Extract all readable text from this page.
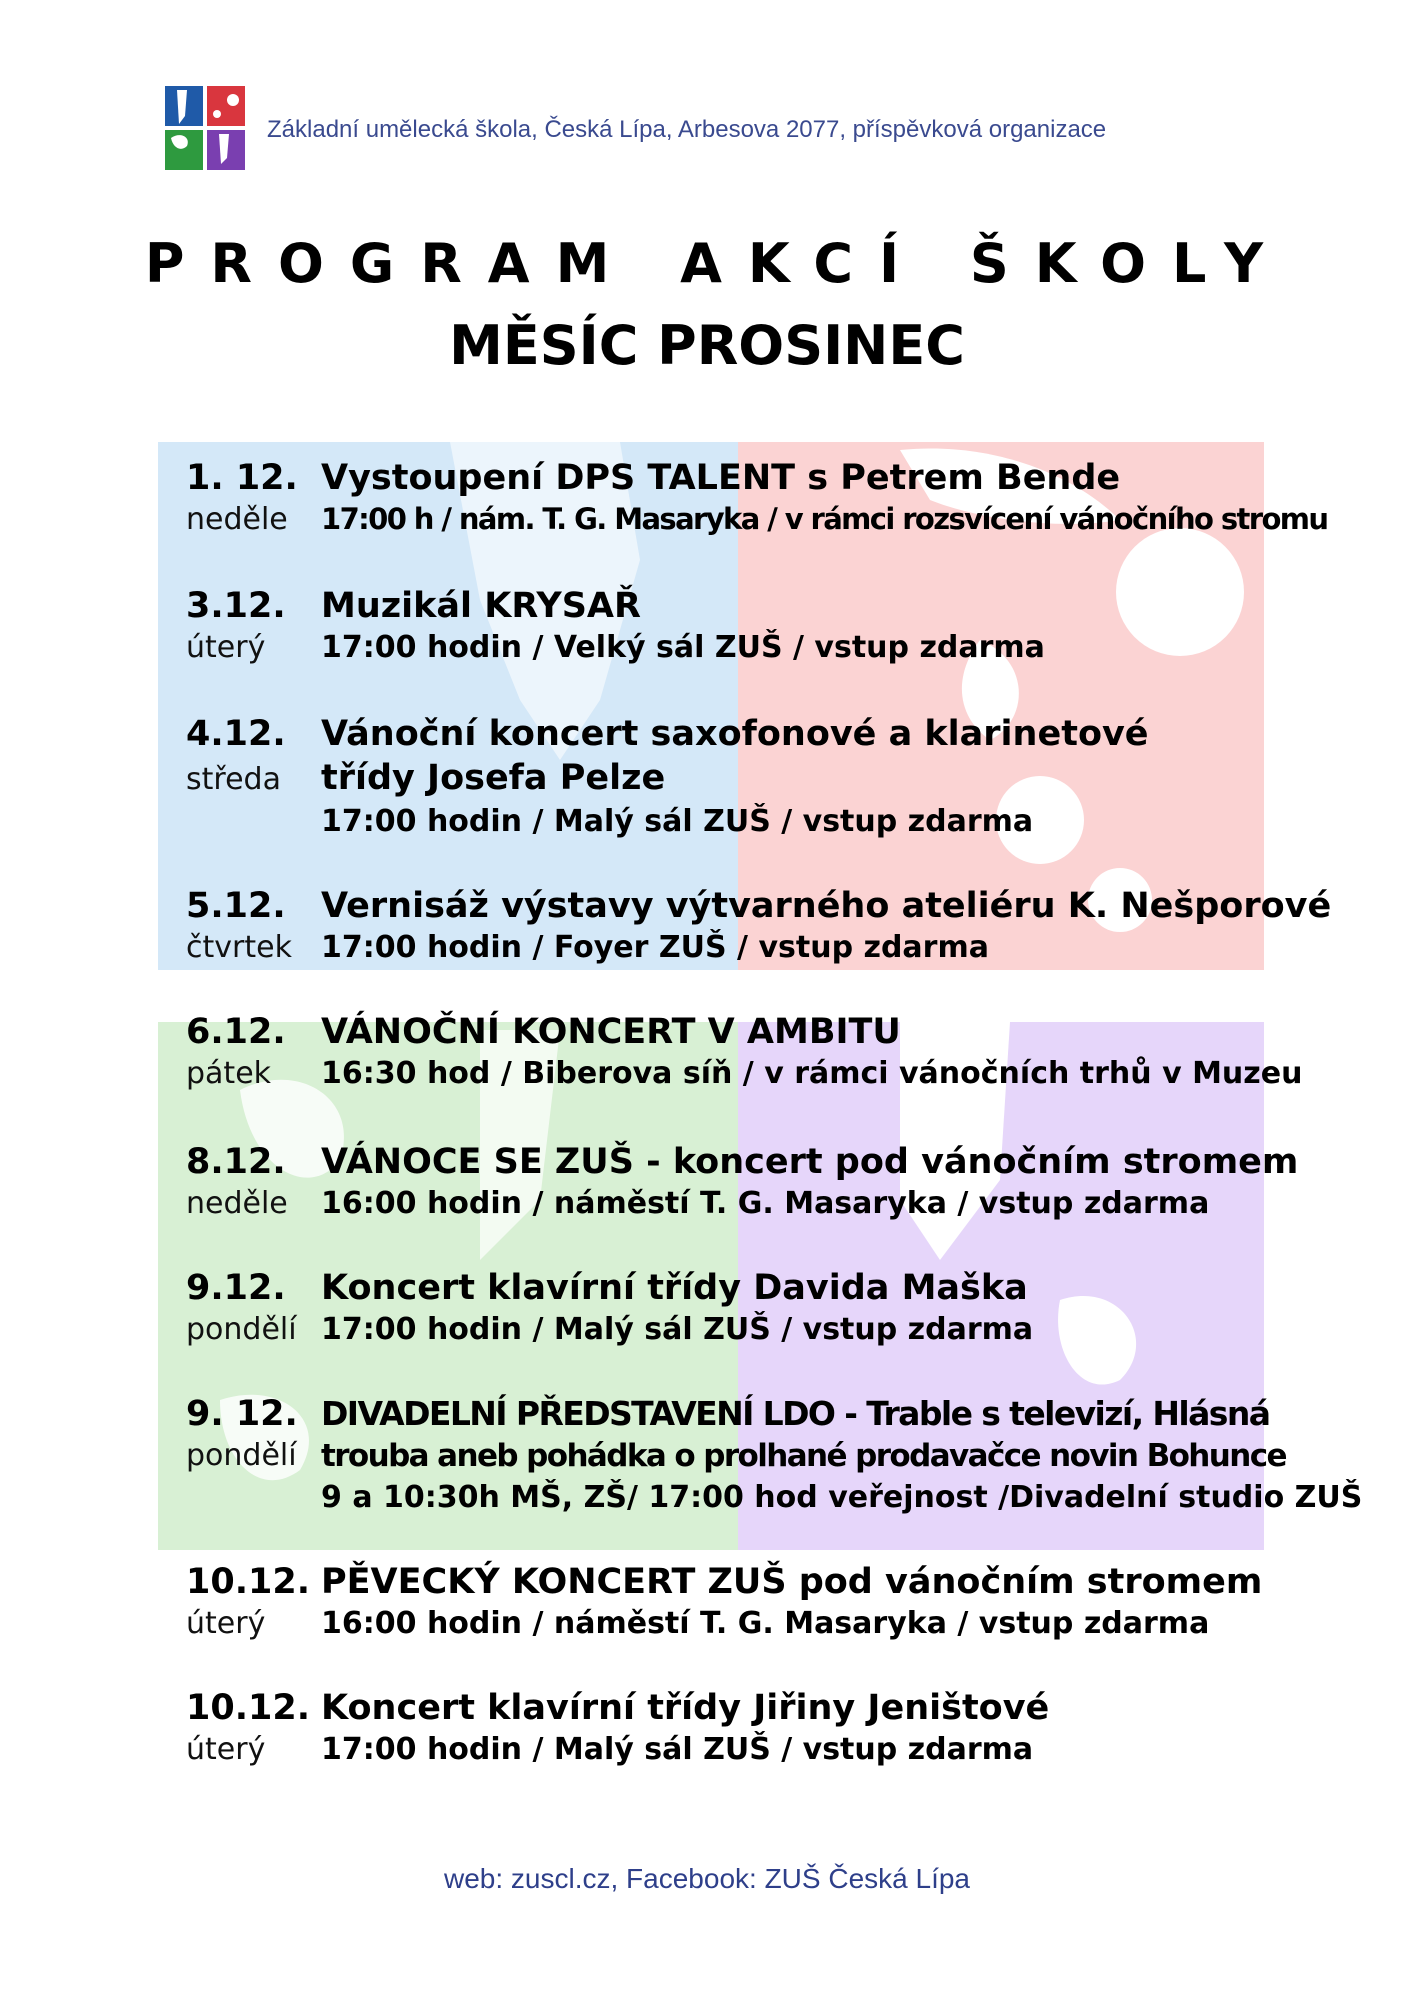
Základní umělecká škola, Česká Lípa, Arbesova 2077, příspěvková organizace
PROGRAM AKCÍ ŠKOLY
MĚSÍC PROSINEC
1. 12.
neděle
Vystoupení DPS TALENT s Petrem Bende
17:00 h / nám. T. G. Masaryka / v rámci rozsvícení vánočního stromu
3.12.
úterý
Muzikál KRYSAŘ
17:00 hodin / Velký sál ZUŠ / vstup zdarma
4.12.
středa
Vánoční koncert saxofonové a klarinetové
třídy Josefa Pelze
17:00 hodin / Malý sál ZUŠ / vstup zdarma
5.12.
čtvrtek
Vernisáž výstavy výtvarného ateliéru K. Nešporové
17:00 hodin / Foyer ZUŠ / vstup zdarma
6.12.
pátek
VÁNOČNÍ KONCERT V AMBITU
16:30 hod / Biberova síň / v rámci vánočních trhů v Muzeu
8.12.
neděle
VÁNOCE SE ZUŠ - koncert pod vánočním stromem
16:00 hodin / náměstí T. G. Masaryka / vstup zdarma
9.12.
pondělí
Koncert klavírní třídy Davida Maška
17:00 hodin / Malý sál ZUŠ / vstup zdarma
9. 12.
pondělí
DIVADELNÍ PŘEDSTAVENÍ LDO - Trable s televizí, Hlásná
trouba aneb pohádka o prolhané prodavačce novin Bohunce
9 a 10:30h MŠ, ZŠ/ 17:00 hod veřejnost /Divadelní studio ZUŠ
10.12.
úterý
PĚVECKÝ KONCERT ZUŠ pod vánočním stromem
16:00 hodin / náměstí T. G. Masaryka / vstup zdarma
10.12.
úterý
Koncert klavírní třídy Jiřiny Jeništové
17:00 hodin / Malý sál ZUŠ / vstup zdarma
web: zuscl.cz, Facebook: ZUŠ Česká Lípa
